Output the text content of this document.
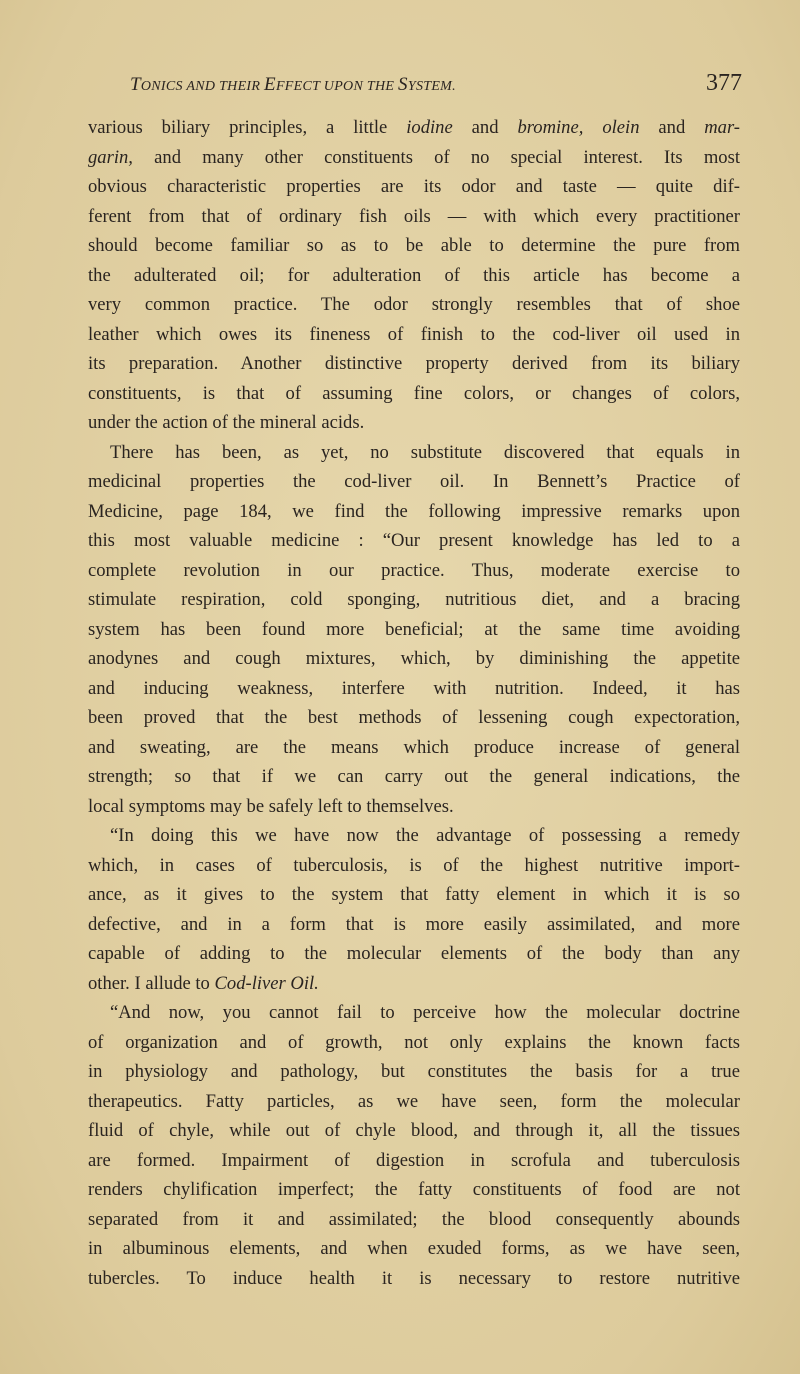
TONICS AND THEIR EFFECT UPON THE SYSTEM.	377
various biliary principles, a little iodine and bromine, olein and mar-
garin, and many other constituents of no special interest. Its most
obvious characteristic properties are its odor and taste — quite dif-
ferent from that of ordinary fish oils — with which every practitioner
should become familiar so as to be able to determine the pure from
the adulterated oil; for adulteration of this article has become a
very common practice. The odor strongly resembles that of shoe
leather which owes its fineness of finish to the cod-liver oil used in
its preparation. Another distinctive property derived from its biliary
constituents, is that of assuming fine colors, or changes of colors,
under the action of the mineral acids.
There has been, as yet, no substitute discovered that equals in
medicinal properties the cod-liver oil. In Bennett’s Practice of
Medicine, page 184, we find the following impressive remarks upon
this most valuable medicine : “Our present knowledge has led to a
complete revolution in our practice. Thus, moderate exercise to
stimulate respiration, cold sponging, nutritious diet, and a bracing
system has been found more beneficial; at the same time avoiding
anodynes and cough mixtures, which, by diminishing the appetite
and inducing weakness, interfere with nutrition. Indeed, it has
been proved that the best methods of lessening cough expectoration,
and sweating, are the means which produce increase of general
strength; so that if we can carry out the general indications, the
local symptoms may be safely left to themselves.
“In doing this we have now the advantage of possessing a remedy
which, in cases of tuberculosis, is of the highest nutritive import-
ance, as it gives to the system that fatty element in which it is so
defective, and in a form that is more easily assimilated, and more
capable of adding to the molecular elements of the body than any
other. I allude to Cod-liver Oil.
“And now, you cannot fail to perceive how the molecular doctrine
of organization and of growth, not only explains the known facts
in physiology and pathology, but constitutes the basis for a true
therapeutics. Fatty particles, as we have seen, form the molecular
fluid of chyle, while out of chyle blood, and through it, all the tissues
are formed. Impairment of digestion in scrofula and tuberculosis
renders chylification imperfect; the fatty constituents of food are not
separated from it and assimilated; the blood consequently abounds
in albuminous elements, and when exuded forms, as we have seen,
tubercles. To induce health it is necessary to restore nutritive
